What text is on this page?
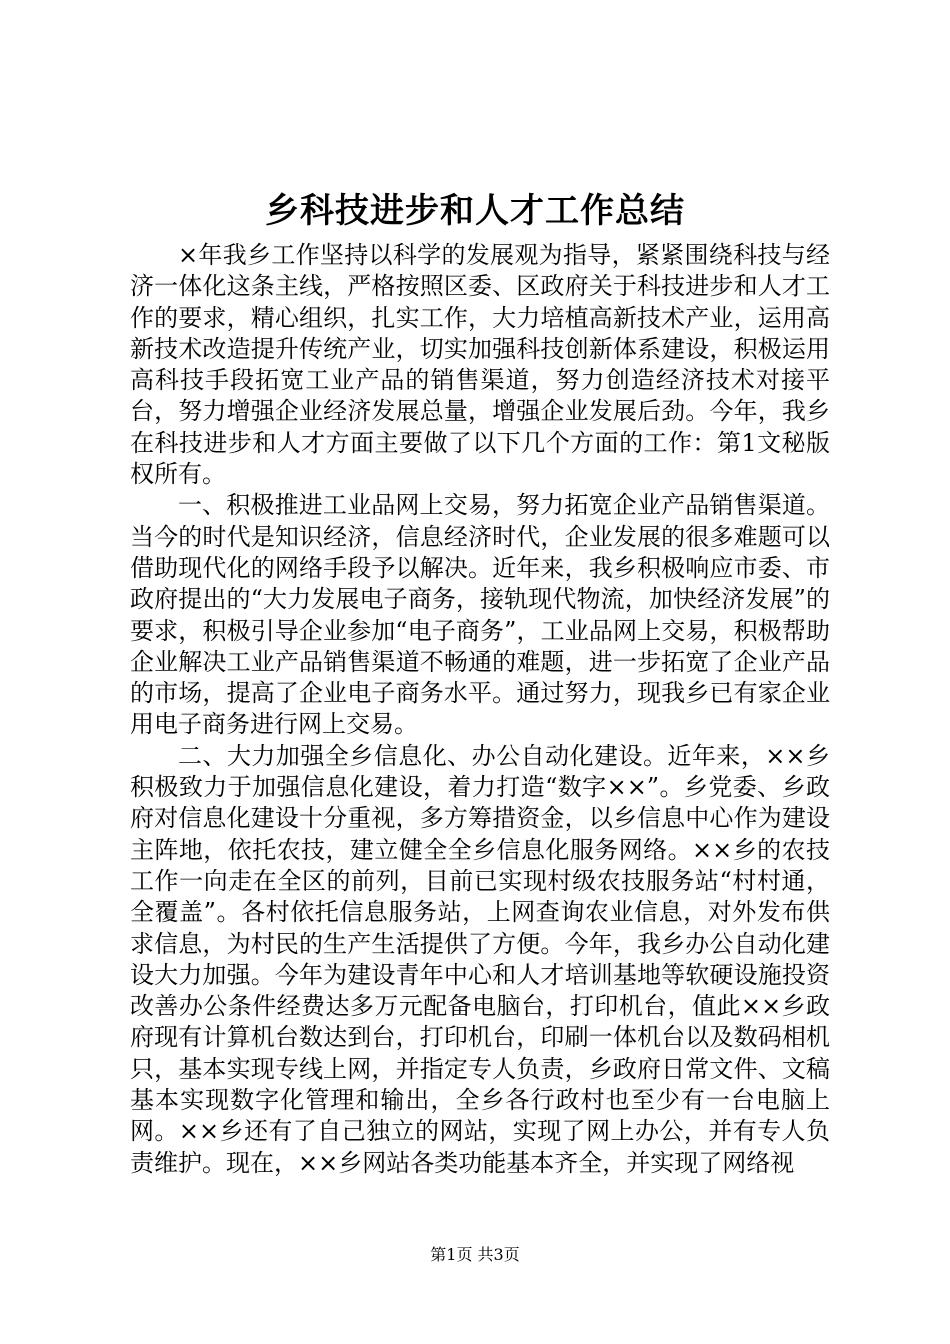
乡科技进步和人才工作总结

×年我乡工作坚持以科学的发展观为指导，紧紧围绕科技与经济一体化这条主线，严格按照区委、区政府关于科技进步和人才工作的要求，精心组织，扎实工作，大力培植高新技术产业，运用高新技术改造提升传统产业，切实加强科技创新体系建设，积极运用高科技手段拓宽工业产品的销售渠道，努力创造经济技术对接平台，努力增强企业经济发展总量，增强企业发展后劲。今年，我乡在科技进步和人才方面主要做了以下几个方面的工作：第1文秘版权所有。

一、积极推进工业品网上交易，努力拓宽企业产品销售渠道。当今的时代是知识经济，信息经济时代，企业发展的很多难题可以借助现代化的网络手段予以解决。近年来，我乡积极响应市委、市政府提出的“大力发展电子商务，接轨现代物流，加快经济发展”的要求，积极引导企业参加“电子商务”，工业品网上交易，积极帮助企业解决工业产品销售渠道不畅通的难题，进一步拓宽了企业产品的市场，提高了企业电子商务水平。通过努力，现我乡已有家企业用电子商务进行网上交易。

二、大力加强全乡信息化、办公自动化建设。近年来，××乡积极致力于加强信息化建设，着力打造“数字××”。乡党委、乡政府对信息化建设十分重视，多方筹措资金，以乡信息中心作为建设主阵地，依托农技，建立健全全乡信息化服务网络。××乡的农技工作一向走在全区的前列，目前已实现村级农技服务站“村村通，全覆盖”。各村依托信息服务站，上网查询农业信息，对外发布供求信息，为村民的生产生活提供了方便。今年，我乡办公自动化建设大力加强。今年为建设青年中心和人才培训基地等软硬设施投资改善办公条件经费达多万元配备电脑台，打印机台，值此××乡政府现有计算机台数达到台，打印机台，印刷一体机台以及数码相机只，基本实现专线上网，并指定专人负责，乡政府日常文件、文稿基本实现数字化管理和输出，全乡各行政村也至少有一台电脑上网。××乡还有了自己独立的网站，实现了网上办公，并有专人负责维护。现在，××乡网站各类功能基本齐全，并实现了网络视

第1页 共3页
